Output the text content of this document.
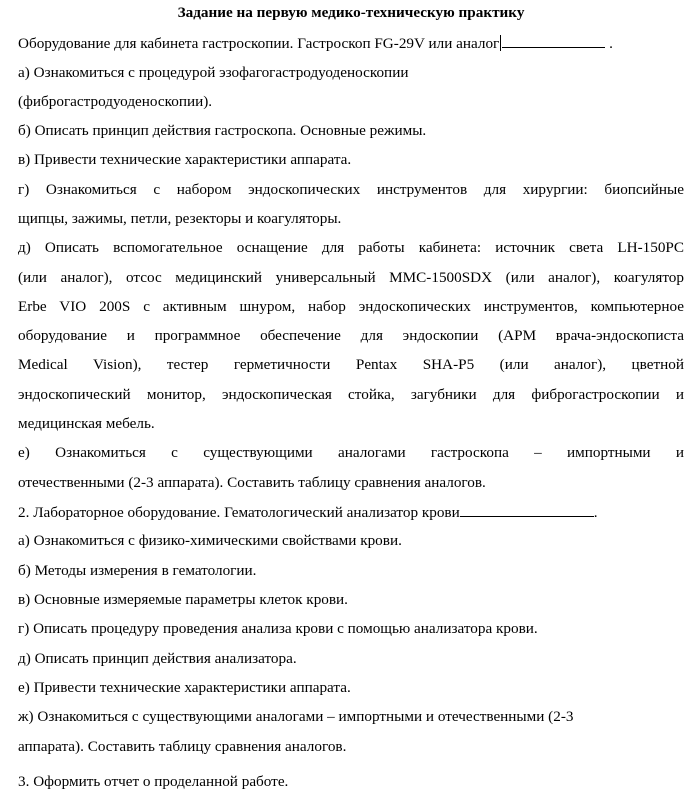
Задание на первую медико-техническую практику
Оборудование для кабинета гастроскопии. Гастроскоп FG-29V или аналог	.
а) Ознакомиться с процедурой эзофагогастродуоденоскопии
(фиброгастродуоденоскопии).
б) Описать принцип действия гастроскопа. Основные режимы.
в) Привести технические характеристики аппарата.
г) Ознакомиться с набором эндоскопических инструментов для хирургии: биопсийные
щипцы, зажимы, петли, резекторы и коагуляторы.
д) Описать вспомогательное оснащение для работы кабинета: источник света LH-150PC
(или аналог), отсос медицинский универсальный MMC-1500SDX (или аналог), коагулятор
Erbe VIO 200S с активным шнуром, набор эндоскопических инструментов, компьютерное
оборудование и программное обеспечение для эндоскопии (АРМ врача-эндоскописта
Medical Vision), тестер герметичности Pentax SHA-P5 (или аналог), цветной
эндоскопический монитор, эндоскопическая стойка, загубники для фиброгастроскопии и
медицинская мебель.
е) Ознакомиться с существующими аналогами гастроскопа – импортными и
отечественными (2-3 аппарата). Составить таблицу сравнения аналогов.
2. Лабораторное оборудование. Гематологический анализатор крови	.
а) Ознакомиться с физико-химическими свойствами крови.
б) Методы измерения в гематологии.
в) Основные измеряемые параметры клеток крови.
г) Описать процедуру проведения анализа крови с помощью анализатора крови.
д) Описать принцип действия анализатора.
е) Привести технические характеристики аппарата.
ж) Ознакомиться с существующими аналогами – импортными и отечественными (2-3
аппарата). Составить таблицу сравнения аналогов.
3. Оформить отчет о проделанной работе.
